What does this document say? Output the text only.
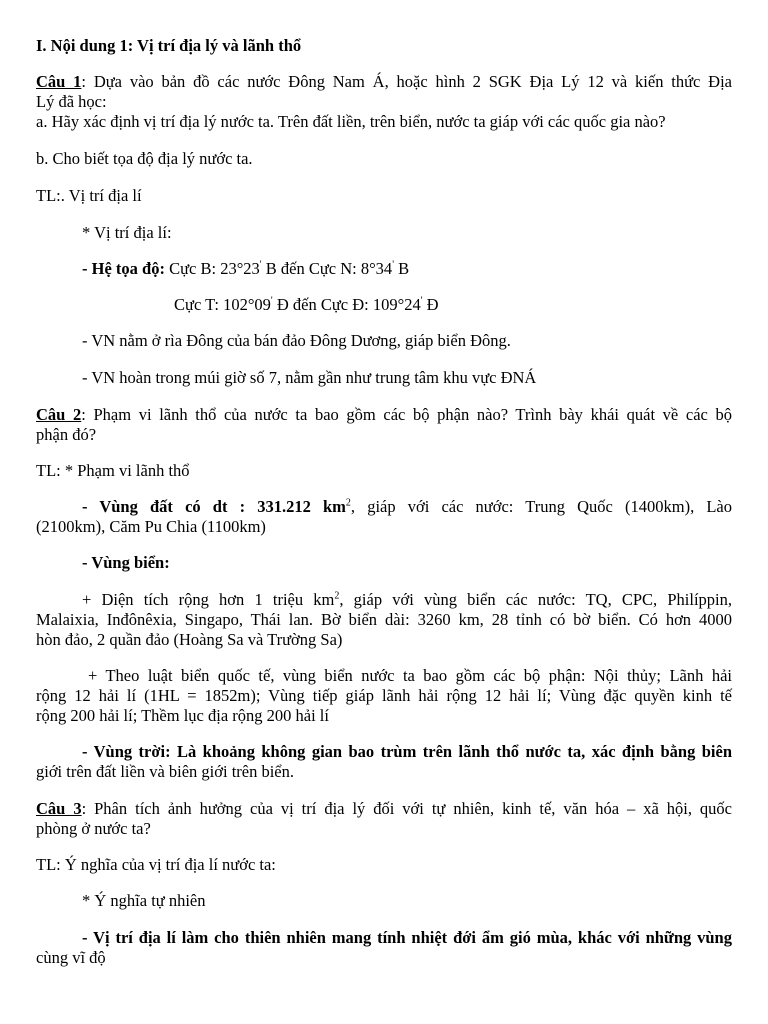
I. Nội dung 1: Vị trí địa lý và lãnh thổ
Câu 1: Dựa vào bản đồ các nước Đông Nam Á, hoặc hình 2 SGK Địa Lý 12 và kiến thức Địa
Lý đã học:
a. Hãy xác định vị trí địa lý nước ta. Trên đất liền, trên biển, nước ta giáp với các quốc gia nào?
b. Cho biết tọa độ địa lý nước ta.
TL:. Vị trí địa lí
* Vị trí địa lí:
- Hệ tọa độ: Cực B: 23°23' B đến Cực N: 8°34' B
Cực T: 102°09' Đ đến Cực Đ: 109°24' Đ
- VN nằm ở rìa Đông của bán đảo Đông Dương, giáp biển Đông.
- VN hoàn trong múi giờ số 7, nằm gần như trung tâm khu vực ĐNÁ
Câu 2: Phạm vi lãnh thổ của nước ta bao gồm các bộ phận nào? Trình bày khái quát về các bộ
phận đó?
TL: * Phạm vi lãnh thổ
- Vùng đất có dt : 331.212 $km^2$, giáp với các nước: Trung Quốc (1400km), Lào
(2100km), Căm Pu Chia (1100km)
- Vùng biển:
+ Diện tích rộng hơn 1 triệu $km^2$, giáp với vùng biển các nước: TQ, CPC, Philíppin,
Malaixia, Inđônêxia, Singapo, Thái lan. Bờ biển dài: 3260 km, 28 tỉnh có bờ biển. Có hơn 4000
hòn đảo, 2 quần đảo (Hoàng Sa và Trường Sa)
+ Theo luật biển quốc tế, vùng biển nước ta bao gồm các bộ phận: Nội thủy; Lãnh hải
rộng 12 hải lí (1HL = 1852m); Vùng tiếp giáp lãnh hải rộng 12 hải lí; Vùng đặc quyền kinh tế
rộng 200 hải lí; Thềm lục địa rộng 200 hải lí
- Vùng trời: Là khoảng không gian bao trùm trên lãnh thổ nước ta, xác định bằng biên
giới trên đất liền và biên giới trên biển.
Câu 3: Phân tích ảnh hưởng của vị trí địa lý đối với tự nhiên, kinh tế, văn hóa – xã hội, quốc
phòng ở nước ta?
TL: Ý nghĩa của vị trí địa lí nước ta:
* Ý nghĩa tự nhiên
- Vị trí địa lí làm cho thiên nhiên mang tính nhiệt đới ẩm gió mùa, khác với những vùng
cùng vĩ độ
